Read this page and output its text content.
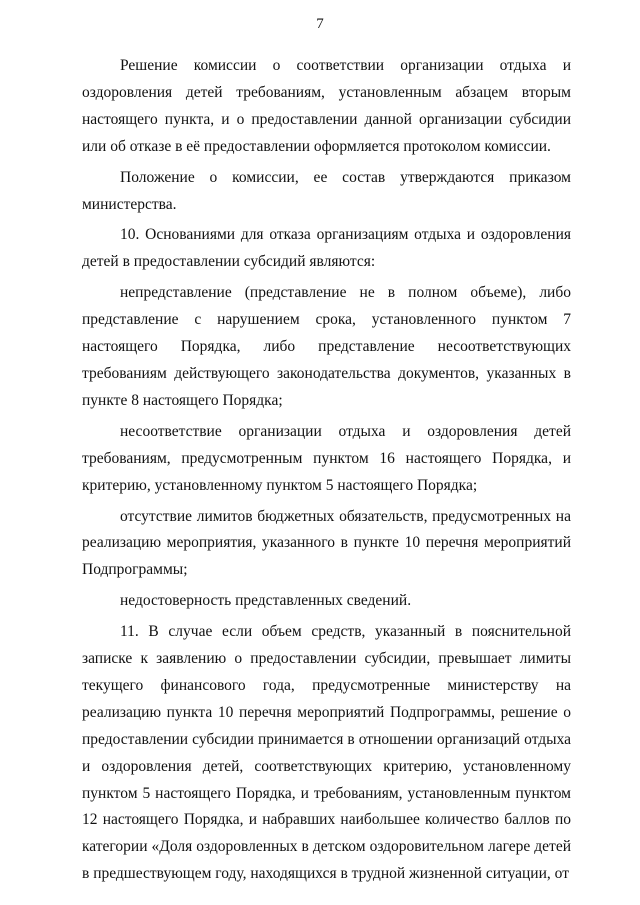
7

Решение комиссии о соответствии организации отдыха и оздоровления детей требованиям, установленным абзацем вторым настоящего пункта, и о предоставлении данной организации субсидии или об отказе в её предоставлении оформляется протоколом комиссии.

Положение о комиссии, ее состав утверждаются приказом министерства.

10. Основаниями для отказа организациям отдыха и оздоровления детей в предоставлении субсидий являются:

непредставление (представление не в полном объеме), либо представление с нарушением срока, установленного пунктом 7 настоящего Порядка, либо представление несоответствующих требованиям действующего законодательства документов, указанных в пункте 8 настоящего Порядка;

несоответствие организации отдыха и оздоровления детей требованиям, предусмотренным пунктом 16 настоящего Порядка, и критерию, установленному пунктом 5 настоящего Порядка;

отсутствие лимитов бюджетных обязательств, предусмотренных на реализацию мероприятия, указанного в пункте 10 перечня мероприятий Подпрограммы;

недостоверность представленных сведений.

11. В случае если объем средств, указанный в пояснительной записке к заявлению о предоставлении субсидии, превышает лимиты текущего финансового года, предусмотренные министерству на реализацию пункта 10 перечня мероприятий Подпрограммы, решение о предоставлении субсидии принимается в отношении организаций отдыха и оздоровления детей, соответствующих критерию, установленному пунктом 5 настоящего Порядка, и требованиям, установленным пунктом 12 настоящего Порядка, и набравших наибольшее количество баллов по категории «Доля оздоровленных в детском оздоровительном лагере детей в предшествующем году, находящихся в трудной жизненной ситуации, от
